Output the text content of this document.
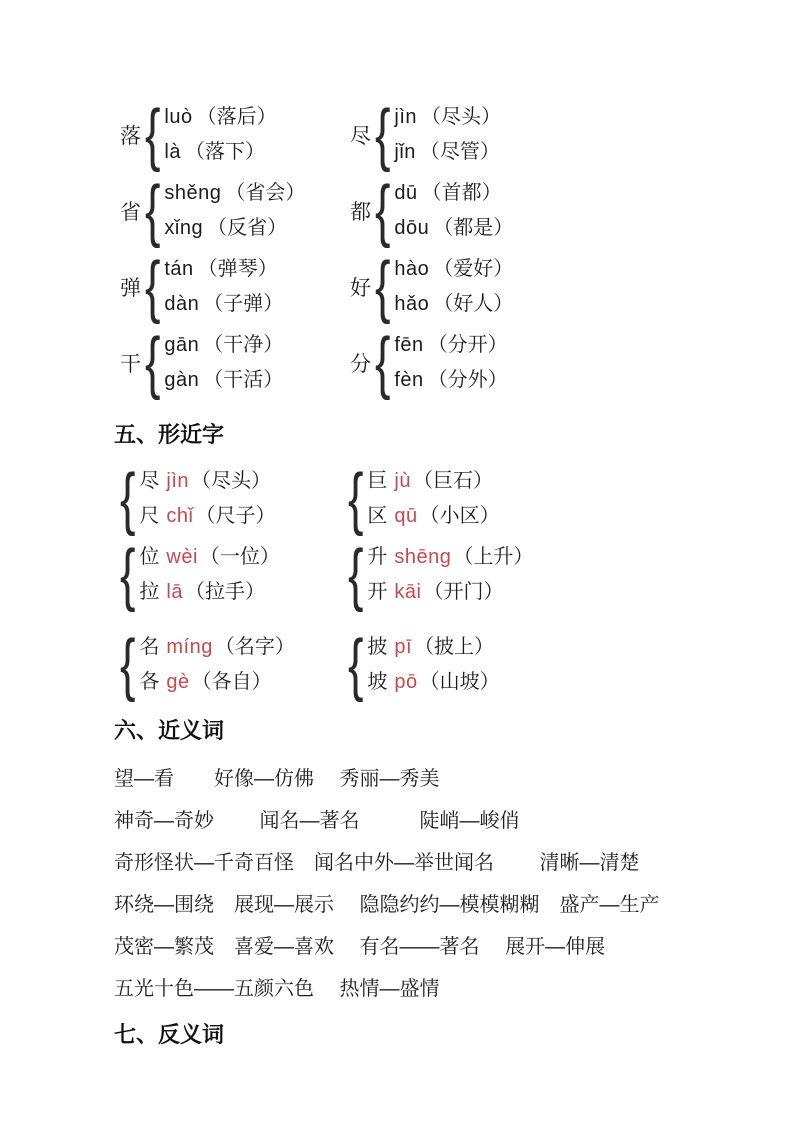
落 { luò （落后）
là （落下）
尽 { jìn （尽头）
jǐn （尽管）
省 { shěng （省会）
xǐng （反省）
都 { dū （首都）
dōu （都是）
弹 { tán （弹琴）
dàn （子弹）
好 { hào （爱好）
hǎo （好人）
干 { gān （干净）
gàn （干活）
分 { fēn （分开）
fèn （分外）
五、形近字
{ 尽 jìn （尽头）
尺 chǐ （尺子） { 巨 jù （巨石）
区 qū （小区）
{ 位 wèi （一位）
拉 lā （拉手） { 升 shēng （上升）
开 kāi （开门）
{ 名 míng （名字）
各 gè （各自） { 披 pī （披上）
坡 pō （山坡）
六、近义词
望—看　　好像—仿佛　 秀丽—秀美
神奇—奇妙　　 闻名—著名　　　陡峭—峻俏
奇形怪状—千奇百怪　闻名中外—举世闻名　　 清晰—清楚
环绕—围绕　展现—展示　 隐隐约约—模模糊糊　盛产—生产
茂密—繁茂　喜爱—喜欢　 有名——著名　 展开—伸展
五光十色——五颜六色　 热情—盛情
七、反义词
